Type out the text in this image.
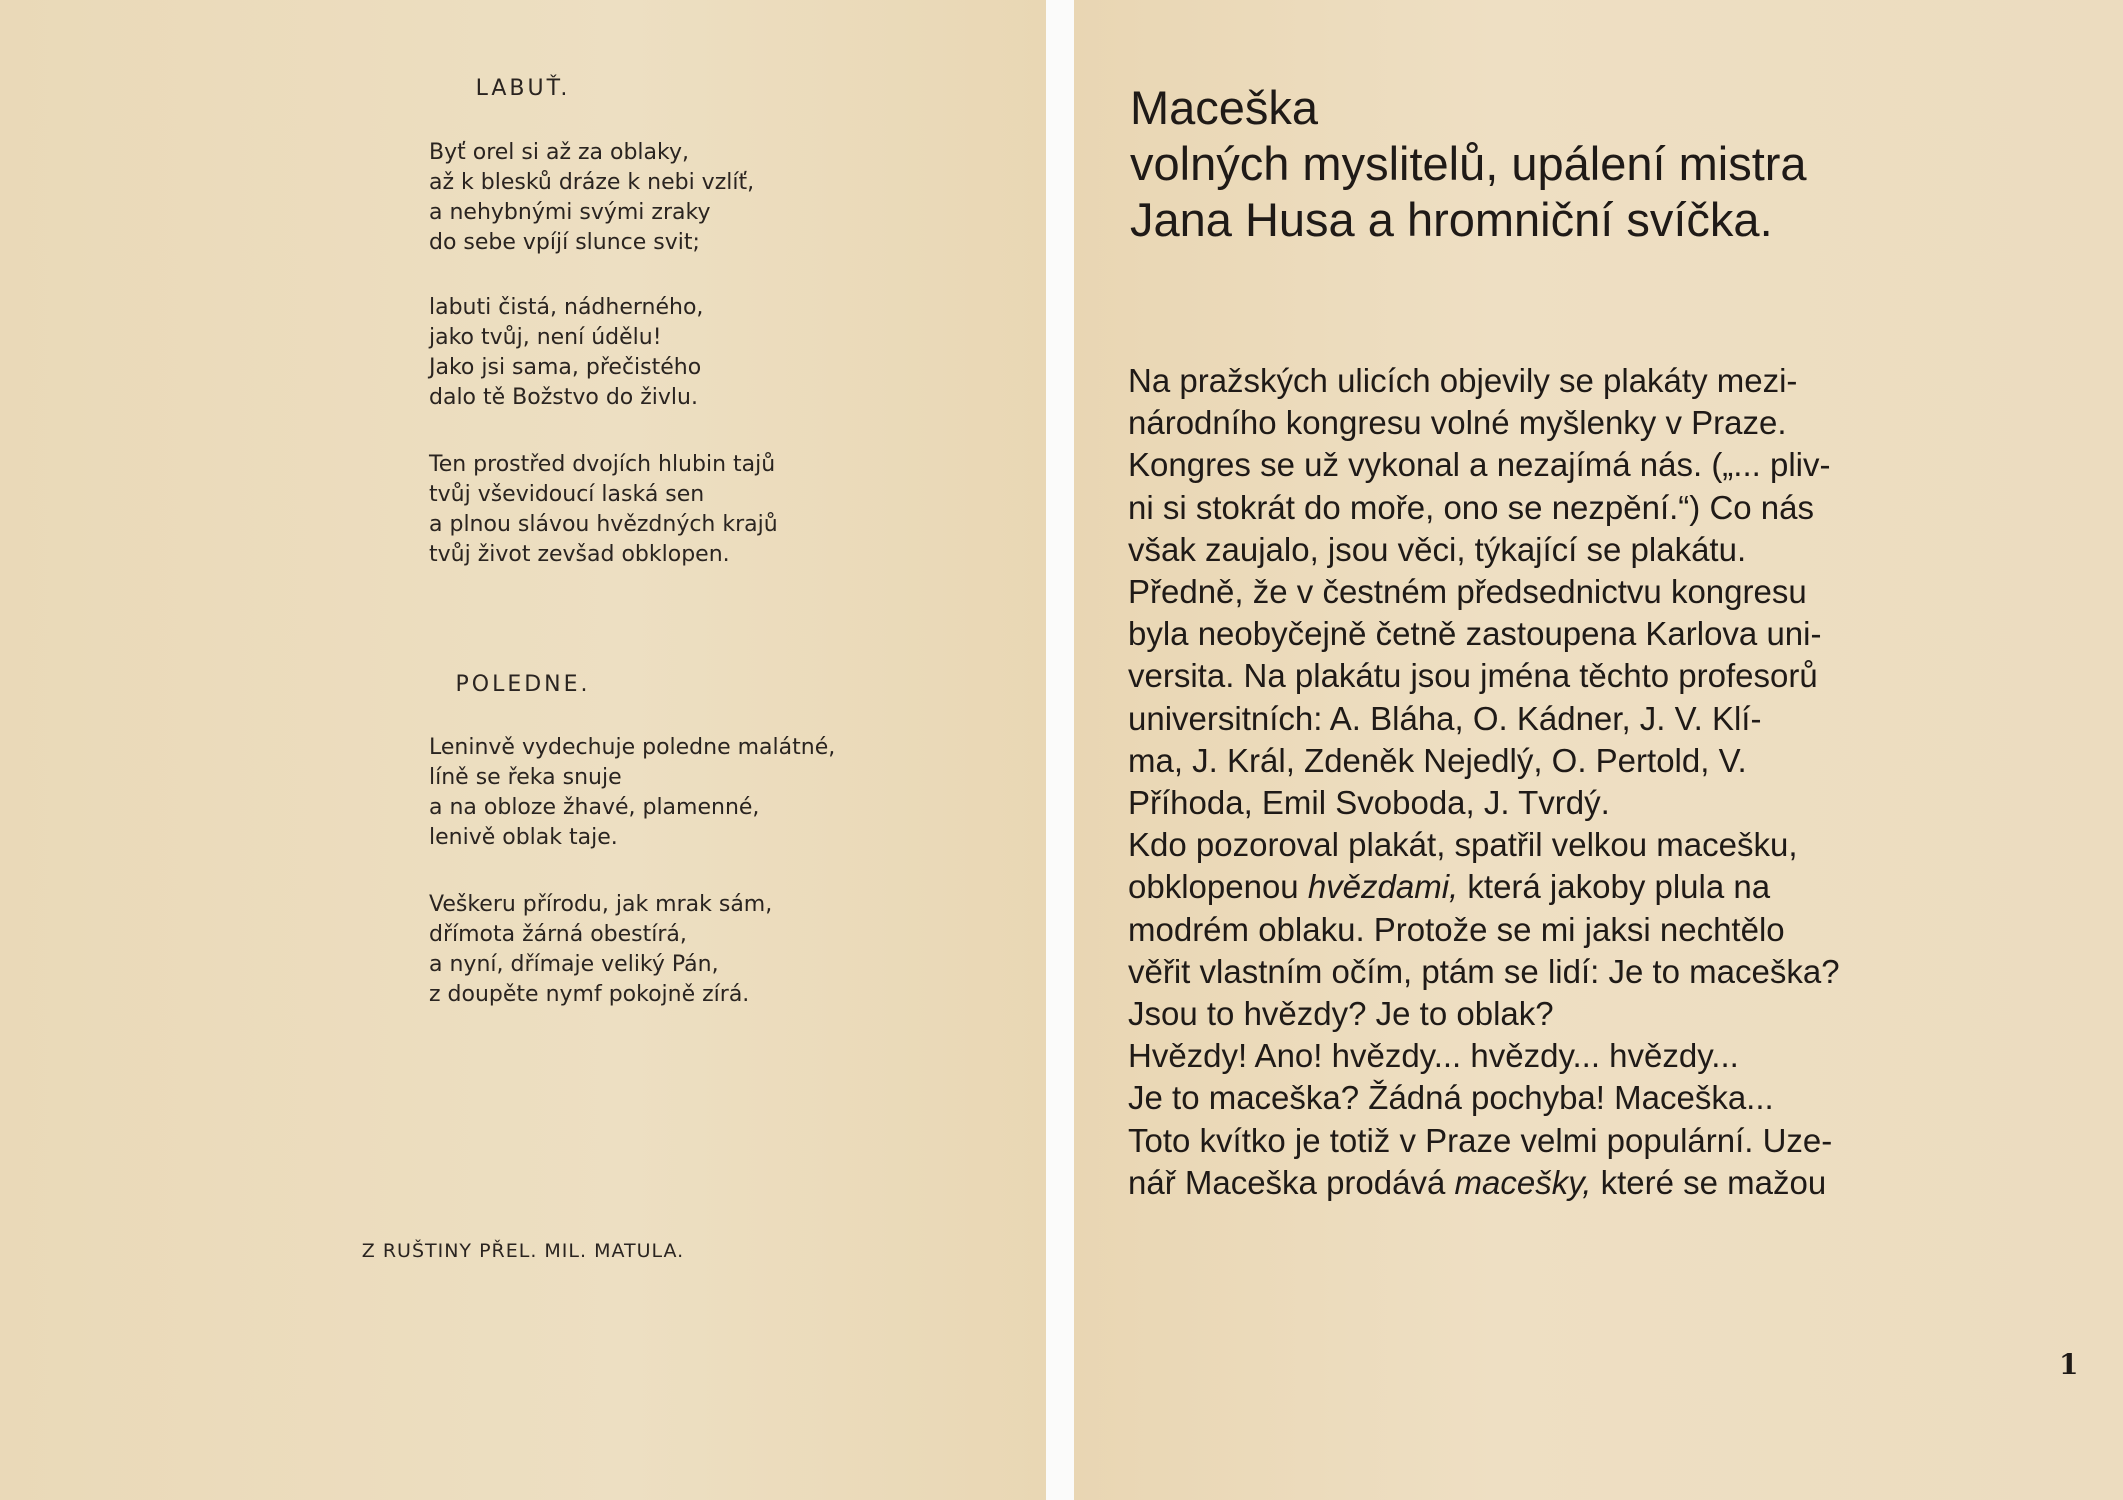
LABUŤ.
Byť orel si až za oblaky,
až k blesků dráze k nebi vzlíť,
a nehybnými svými zraky
do sebe vpíjí slunce svit;
labuti čistá, nádherného,
jako tvůj, není údělu!
Jako jsi sama, přečistého
dalo tě Božstvo do živlu.
Ten prostřed dvojích hlubin tajů
tvůj vševidoucí laská sen
a plnou slávou hvězdných krajů
tvůj život zevšad obklopen.
POLEDNE.
Leninvě vydechuje poledne malátné,
líně se řeka snuje
a na obloze žhavé, plamenné,
lenivě oblak taje.
Veškeru přírodu, jak mrak sám,
dřímota žárná obestírá,
a nyní, dřímaje veliký Pán,
z doupěte nymf pokojně zírá.
Z RUŠTINY PŘEL. MIL. MATULA.
Maceška
volných myslitelů, upálení mistra
Jana Husa a hromniční svíčka.
Na pražských ulicích objevily se plakáty mezi-
národního kongresu volné myšlenky v Praze.
Kongres se už vykonal a nezajímá nás. („... pliv-
ni si stokrát do moře, ono se nezpění.“) Co nás
však zaujalo, jsou věci, týkající se plakátu.
Předně, že v čestném předsednictvu kongresu
byla neobyčejně četně zastoupena Karlova uni-
versita. Na plakátu jsou jména těchto profesorů
universitních: A. Bláha, O. Kádner, J. V. Klí-
ma, J. Král, Zdeněk Nejedlý, O. Pertold, V.
Příhoda, Emil Svoboda, J. Tvrdý.
Kdo pozoroval plakát, spatřil velkou macešku,
obklopenou hvězdami, která jakoby plula na
modrém oblaku. Protože se mi jaksi nechtělo
věřit vlastním očím, ptám se lidí: Je to maceška?
Jsou to hvězdy? Je to oblak?
Hvězdy! Ano! hvězdy... hvězdy... hvězdy...
Je to maceška? Žádná pochyba! Maceška...
Toto kvítko je totiž v Praze velmi populární. Uze-
nář Maceška prodává macešky, které se mažou
1
